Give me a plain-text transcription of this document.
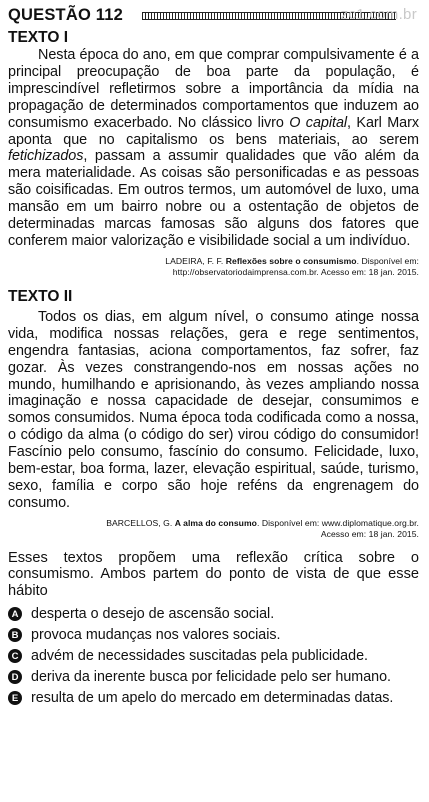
QUESTÃO 112	zc1.com.br
TEXTO I

Nesta época do ano, em que comprar compulsivamente é a principal preocupação de boa parte da população, é imprescindível refletirmos sobre a importância da mídia na propagação de determinados comportamentos que induzem ao consumismo exacerbado. No clássico livro O capital, Karl Marx aponta que no capitalismo os bens materiais, ao serem fetichizados, passam a assumir qualidades que vão além da mera materialidade. As coisas são personificadas e as pessoas são coisificadas. Em outros termos, um automóvel de luxo, uma mansão em um bairro nobre ou a ostentação de objetos de determinadas marcas famosas são alguns dos fatores que conferem maior valorização e visibilidade social a um indivíduo.

LADEIRA, F. F. Reflexões sobre o consumismo. Disponível em:
http://observatoriodaimprensa.com.br. Acesso em: 18 jan. 2015.
TEXTO II

Todos os dias, em algum nível, o consumo atinge nossa vida, modifica nossas relações, gera e rege sentimentos, engendra fantasias, aciona comportamentos, faz sofrer, faz gozar. Às vezes constrangendo-nos em nossas ações no mundo, humilhando e aprisionando, às vezes ampliando nossa imaginação e nossa capacidade de desejar, consumimos e somos consumidos. Numa época toda codificada como a nossa, o código da alma (o código do ser) virou código do consumidor! Fascínio pelo consumo, fascínio do consumo. Felicidade, luxo, bem-estar, boa forma, lazer, elevação espiritual, saúde, turismo, sexo, família e corpo são hoje reféns da engrenagem do consumo.

BARCELLOS, G. A alma do consumo. Disponível em: www.diplomatique.org.br.
Acesso em: 18 jan. 2015.

Esses textos propõem uma reflexão crítica sobre o consumismo. Ambos partem do ponto de vista de que esse hábito

A desperta o desejo de ascensão social.
B provoca mudanças nos valores sociais.
C advém de necessidades suscitadas pela publicidade.
D deriva da inerente busca por felicidade pelo ser humano.
E resulta de um apelo do mercado em determinadas datas.
